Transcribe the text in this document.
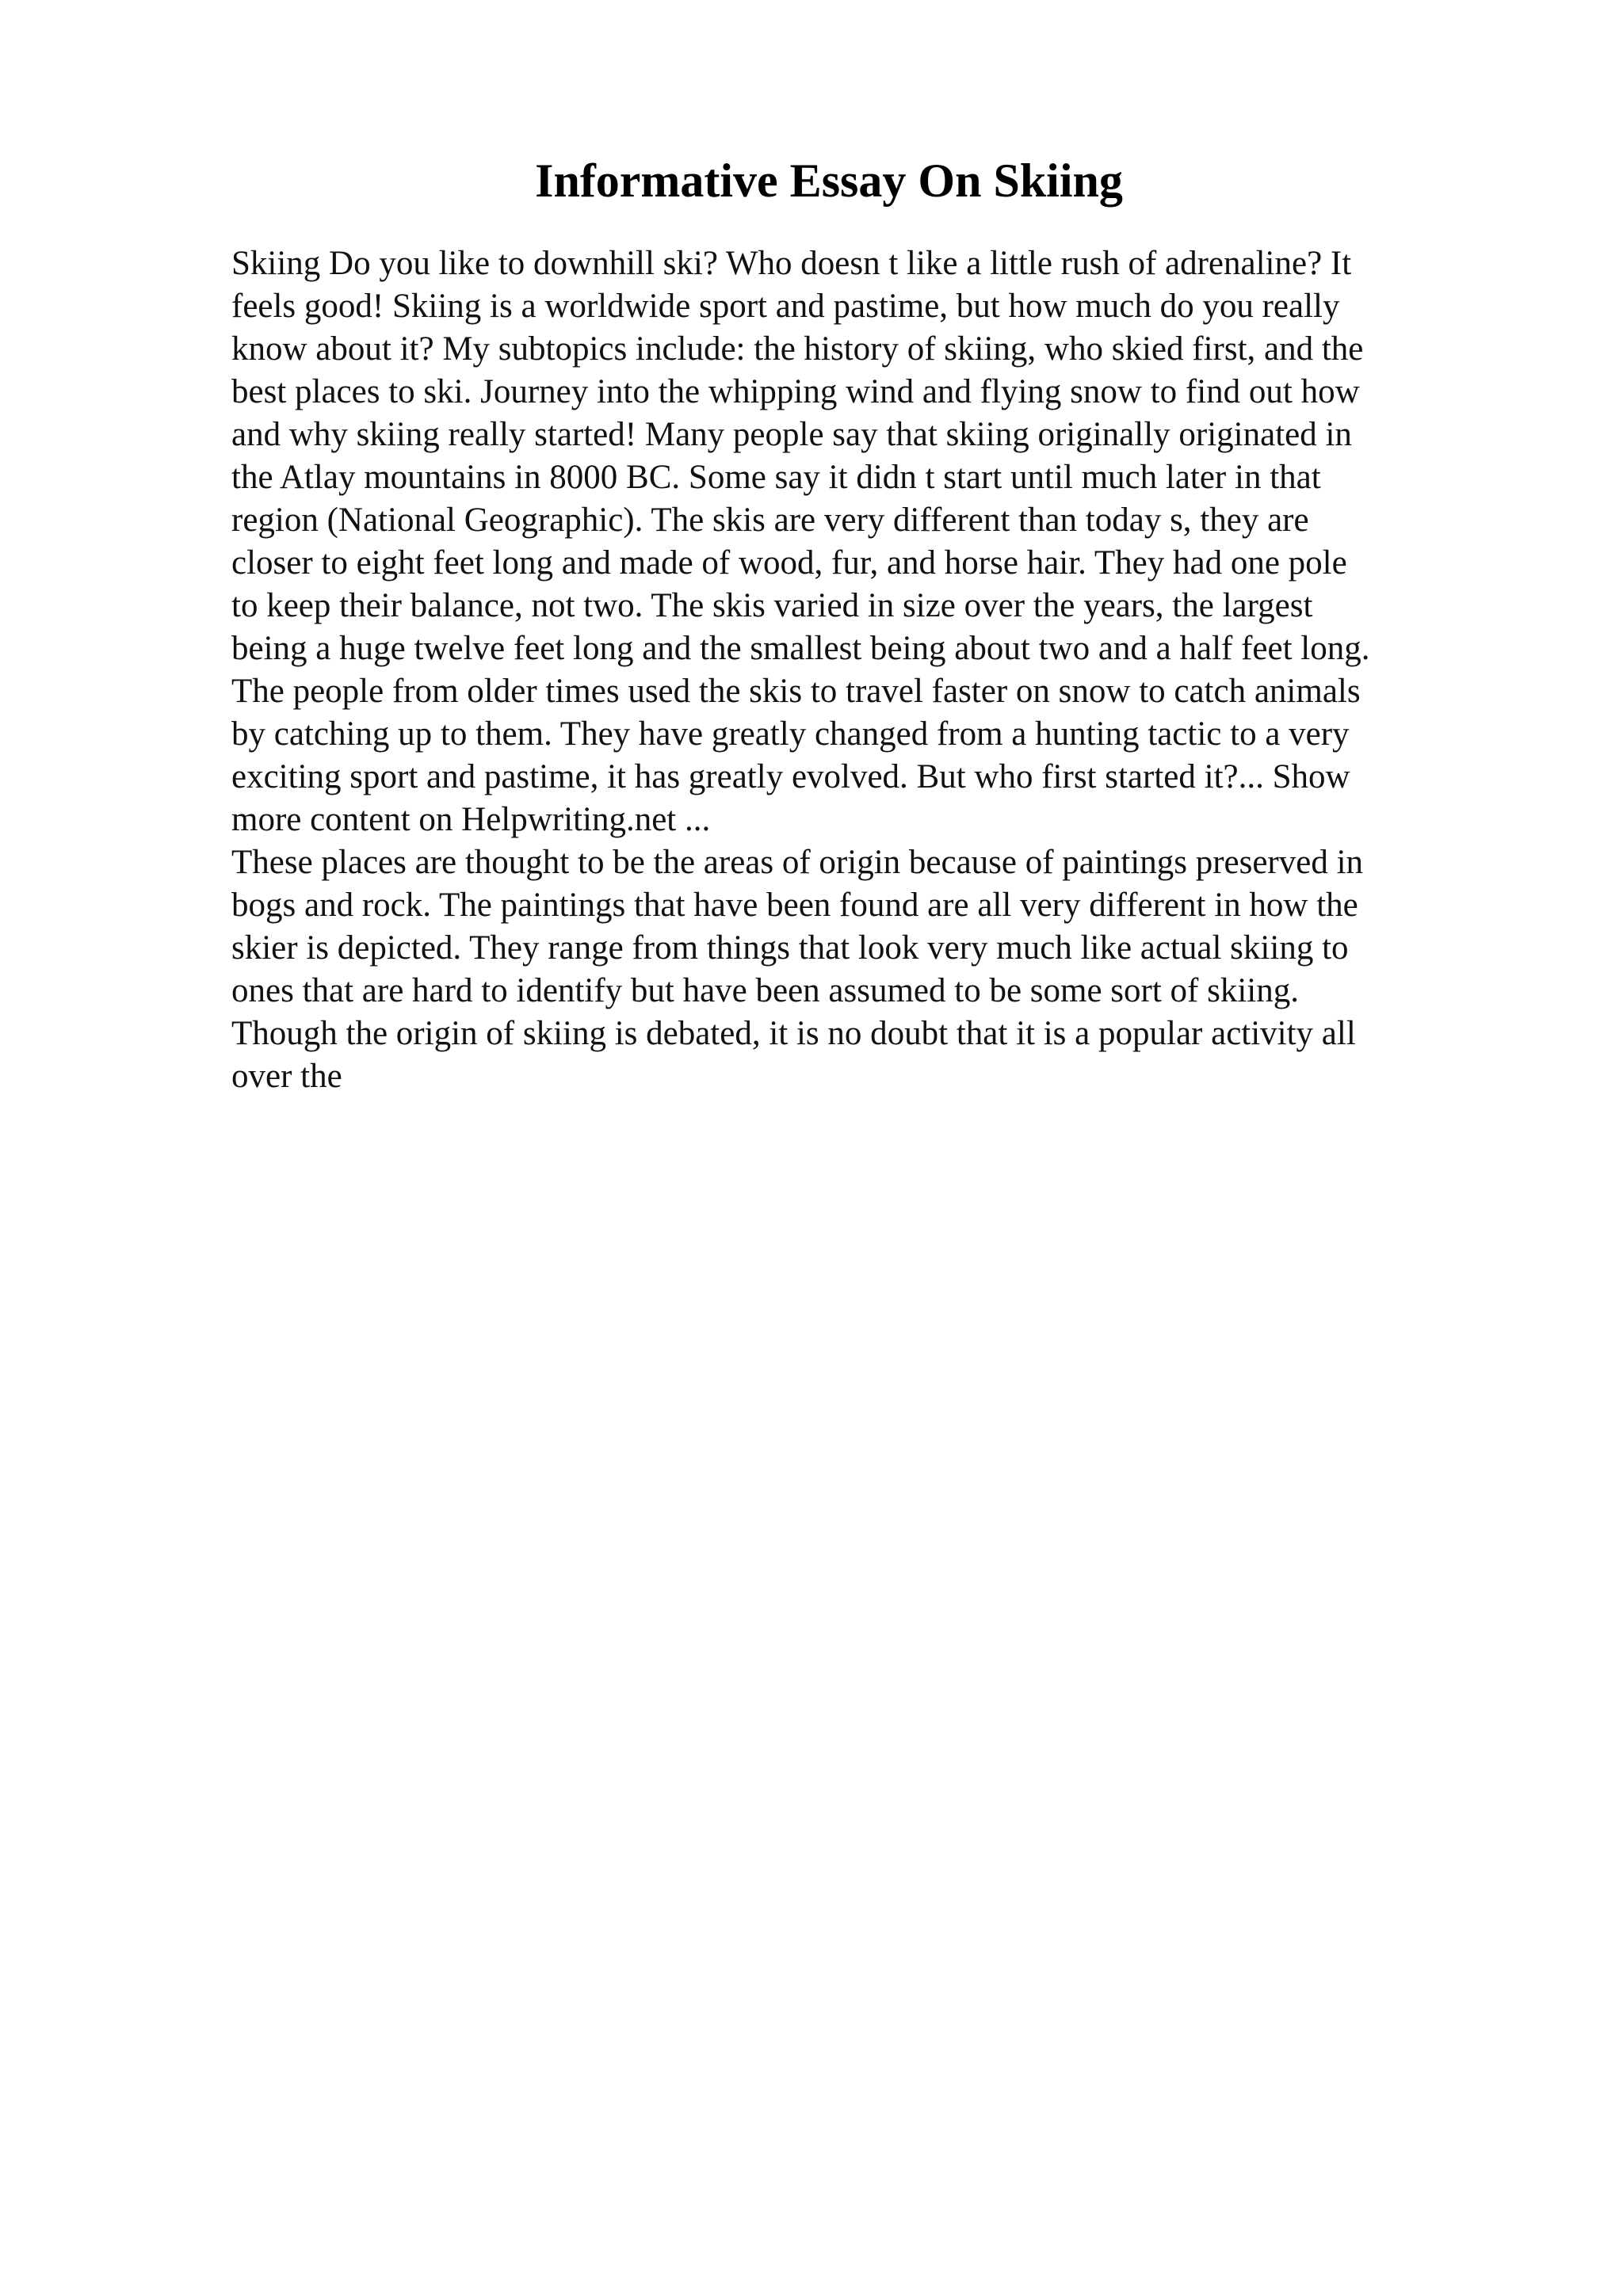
Informative Essay On Skiing
Skiing Do you like to downhill ski? Who doesn t like a little rush of adrenaline? It
feels good! Skiing is a worldwide sport and pastime, but how much do you really
know about it? My subtopics include: the history of skiing, who skied first, and the
best places to ski. Journey into the whipping wind and flying snow to find out how
and why skiing really started! Many people say that skiing originally originated in
the Atlay mountains in 8000 BC. Some say it didn t start until much later in that
region (National Geographic). The skis are very different than today s, they are
closer to eight feet long and made of wood, fur, and horse hair. They had one pole
to keep their balance, not two. The skis varied in size over the years, the largest
being a huge twelve feet long and the smallest being about two and a half feet long.
The people from older times used the skis to travel faster on snow to catch animals
by catching up to them. They have greatly changed from a hunting tactic to a very
exciting sport and pastime, it has greatly evolved. But who first started it?... Show
more content on Helpwriting.net ...
These places are thought to be the areas of origin because of paintings preserved in
bogs and rock. The paintings that have been found are all very different in how the
skier is depicted. They range from things that look very much like actual skiing to
ones that are hard to identify but have been assumed to be some sort of skiing.
Though the origin of skiing is debated, it is no doubt that it is a popular activity all
over the
